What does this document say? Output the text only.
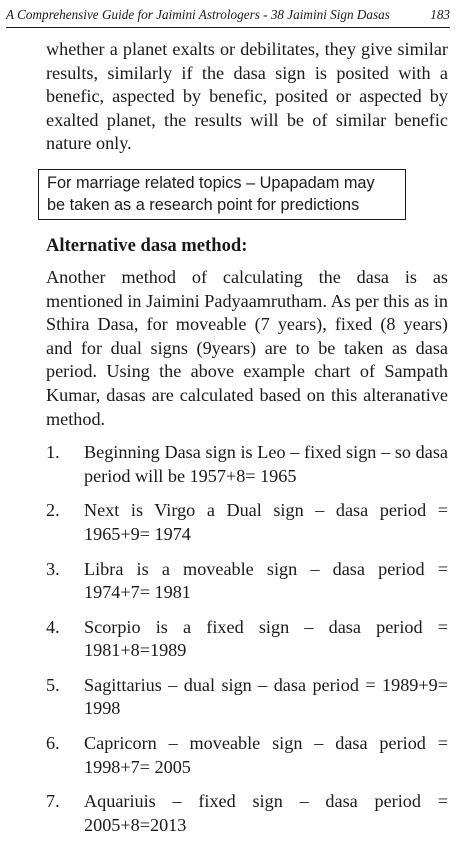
A Comprehensive Guide for Jaimini Astrologers - 38 Jaimini Sign Dasas	183

whether a planet exalts or debilitates, they give similar results, similarly if the dasa sign is posited with a benefic, aspected by benefic, posited or aspected by exalted planet, the results will be of similar benefic nature only.

For marriage related topics – Upapadam may be taken as a research point for predictions
Alternative dasa method:

Another method of calculating the dasa is as mentioned in Jaimini Padyaamrutham. As per this as in Sthira Dasa, for moveable (7 years), fixed (8 years) and for dual signs (9years) are to be taken as dasa period. Using the above example chart of Sampath Kumar, dasas are calculated based on this alteranative method.

1. Beginning Dasa sign is Leo – fixed sign – so dasa period will be 1957+8= 1965
2. Next is Virgo a Dual sign – dasa period = 1965+9= 1974
3. Libra is a moveable sign – dasa period = 1974+7= 1981
4. Scorpio is a fixed sign – dasa period = 1981+8=1989
5. Sagittarius – dual sign – dasa period = 1989+9= 1998
6. Capricorn – moveable sign – dasa period = 1998+7= 2005
7. Aquariuis – fixed sign – dasa period = 2005+8=2013
